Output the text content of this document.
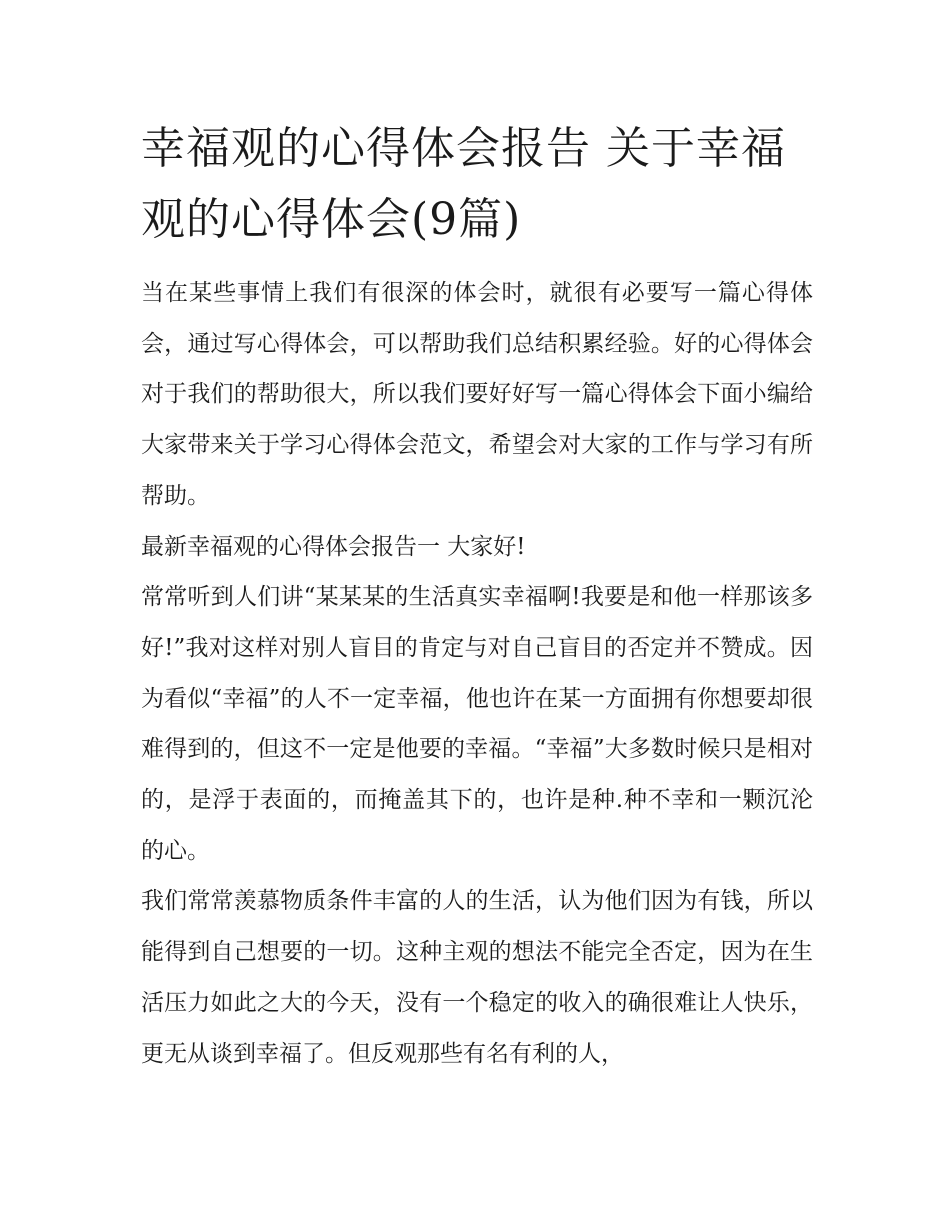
幸福观的心得体会报告 关于幸福观的心得体会(9篇)

当在某些事情上我们有很深的体会时，就很有必要写一篇心得体会，通过写心得体会，可以帮助我们总结积累经验。好的心得体会对于我们的帮助很大，所以我们要好好写一篇心得体会下面小编给大家带来关于学习心得体会范文，希望会对大家的工作与学习有所帮助。

最新幸福观的心得体会报告一 大家好!

常常听到人们讲“某某某的生活真实幸福啊!我要是和他一样那该多好!”我对这样对别人盲目的肯定与对自己盲目的否定并不赞成。因为看似“幸福”的人不一定幸福，他也许在某一方面拥有你想要却很难得到的，但这不一定是他要的幸福。“幸福”大多数时候只是相对的，是浮于表面的，而掩盖其下的，也许是种.种不幸和一颗沉沦的心。

我们常常羡慕物质条件丰富的人的生活，认为他们因为有钱，所以能得到自己想要的一切。这种主观的想法不能完全否定，因为在生活压力如此之大的今天，没有一个稳定的收入的确很难让人快乐，更无从谈到幸福了。但反观那些有名有利的人，
